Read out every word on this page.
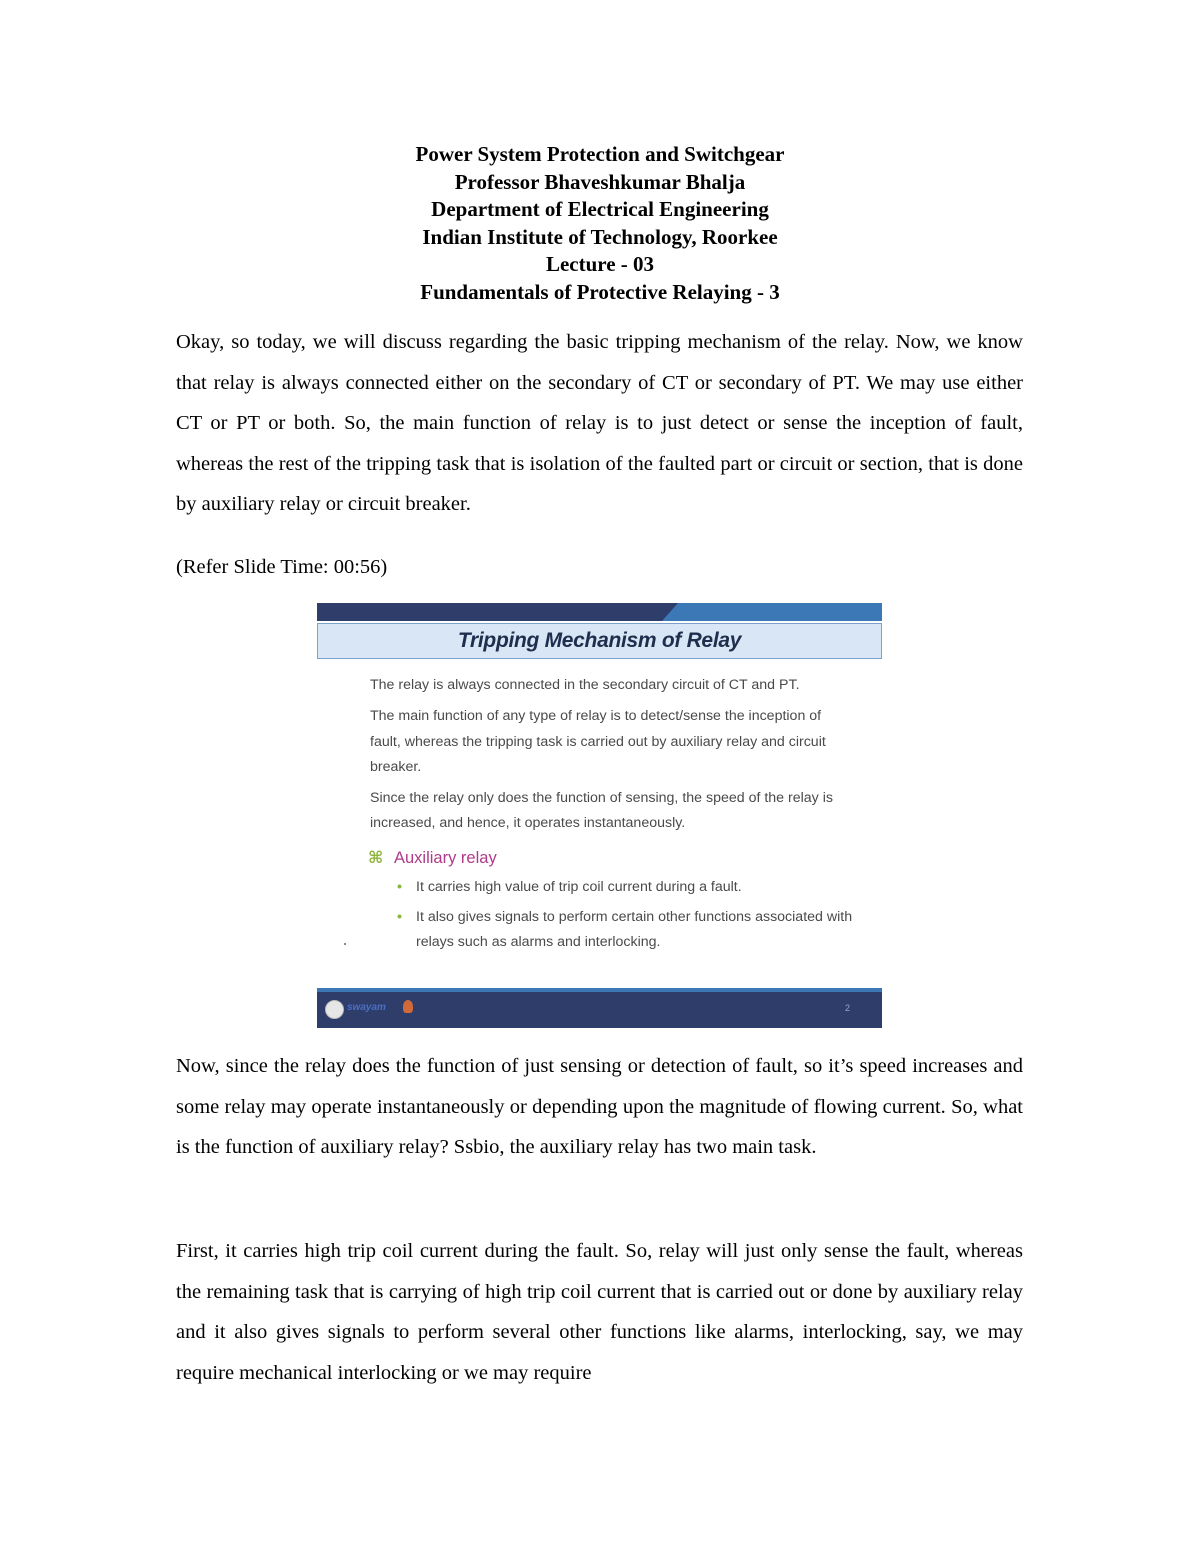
Power System Protection and Switchgear
Professor Bhaveshkumar Bhalja
Department of Electrical Engineering
Indian Institute of Technology, Roorkee
Lecture - 03
Fundamentals of Protective Relaying - 3

Okay, so today, we will discuss regarding the basic tripping mechanism of the relay. Now, we know that relay is always connected either on the secondary of CT or secondary of PT. We may use either CT or PT or both. So, the main function of relay is to just detect or sense the inception of fault, whereas the rest of the tripping task that is isolation of the faulted part or circuit or section, that is done by auxiliary relay or circuit breaker.

(Refer Slide Time: 00:56)

Tripping Mechanism of Relay

The relay is always connected in the secondary circuit of CT and PT.

The main function of any type of relay is to detect/sense the inception of fault, whereas the tripping task is carried out by auxiliary relay and circuit breaker.

Since the relay only does the function of sensing, the speed of the relay is increased, and hence, it operates instantaneously.

⌘ Auxiliary relay
• It carries high value of trip coil current during a fault.
• It also gives signals to perform certain other functions associated with relays such as alarms and interlocking.
swayam	2

Now, since the relay does the function of just sensing or detection of fault, so it’s speed increases and some relay may operate instantaneously or depending upon the magnitude of flowing current. So, what is the function of auxiliary relay? Ssbio, the auxiliary relay has two main task.

First, it carries high trip coil current during the fault. So, relay will just only sense the fault, whereas the remaining task that is carrying of high trip coil current that is carried out or done by auxiliary relay and it also gives signals to perform several other functions like alarms, interlocking, say, we may require mechanical interlocking or we may require
